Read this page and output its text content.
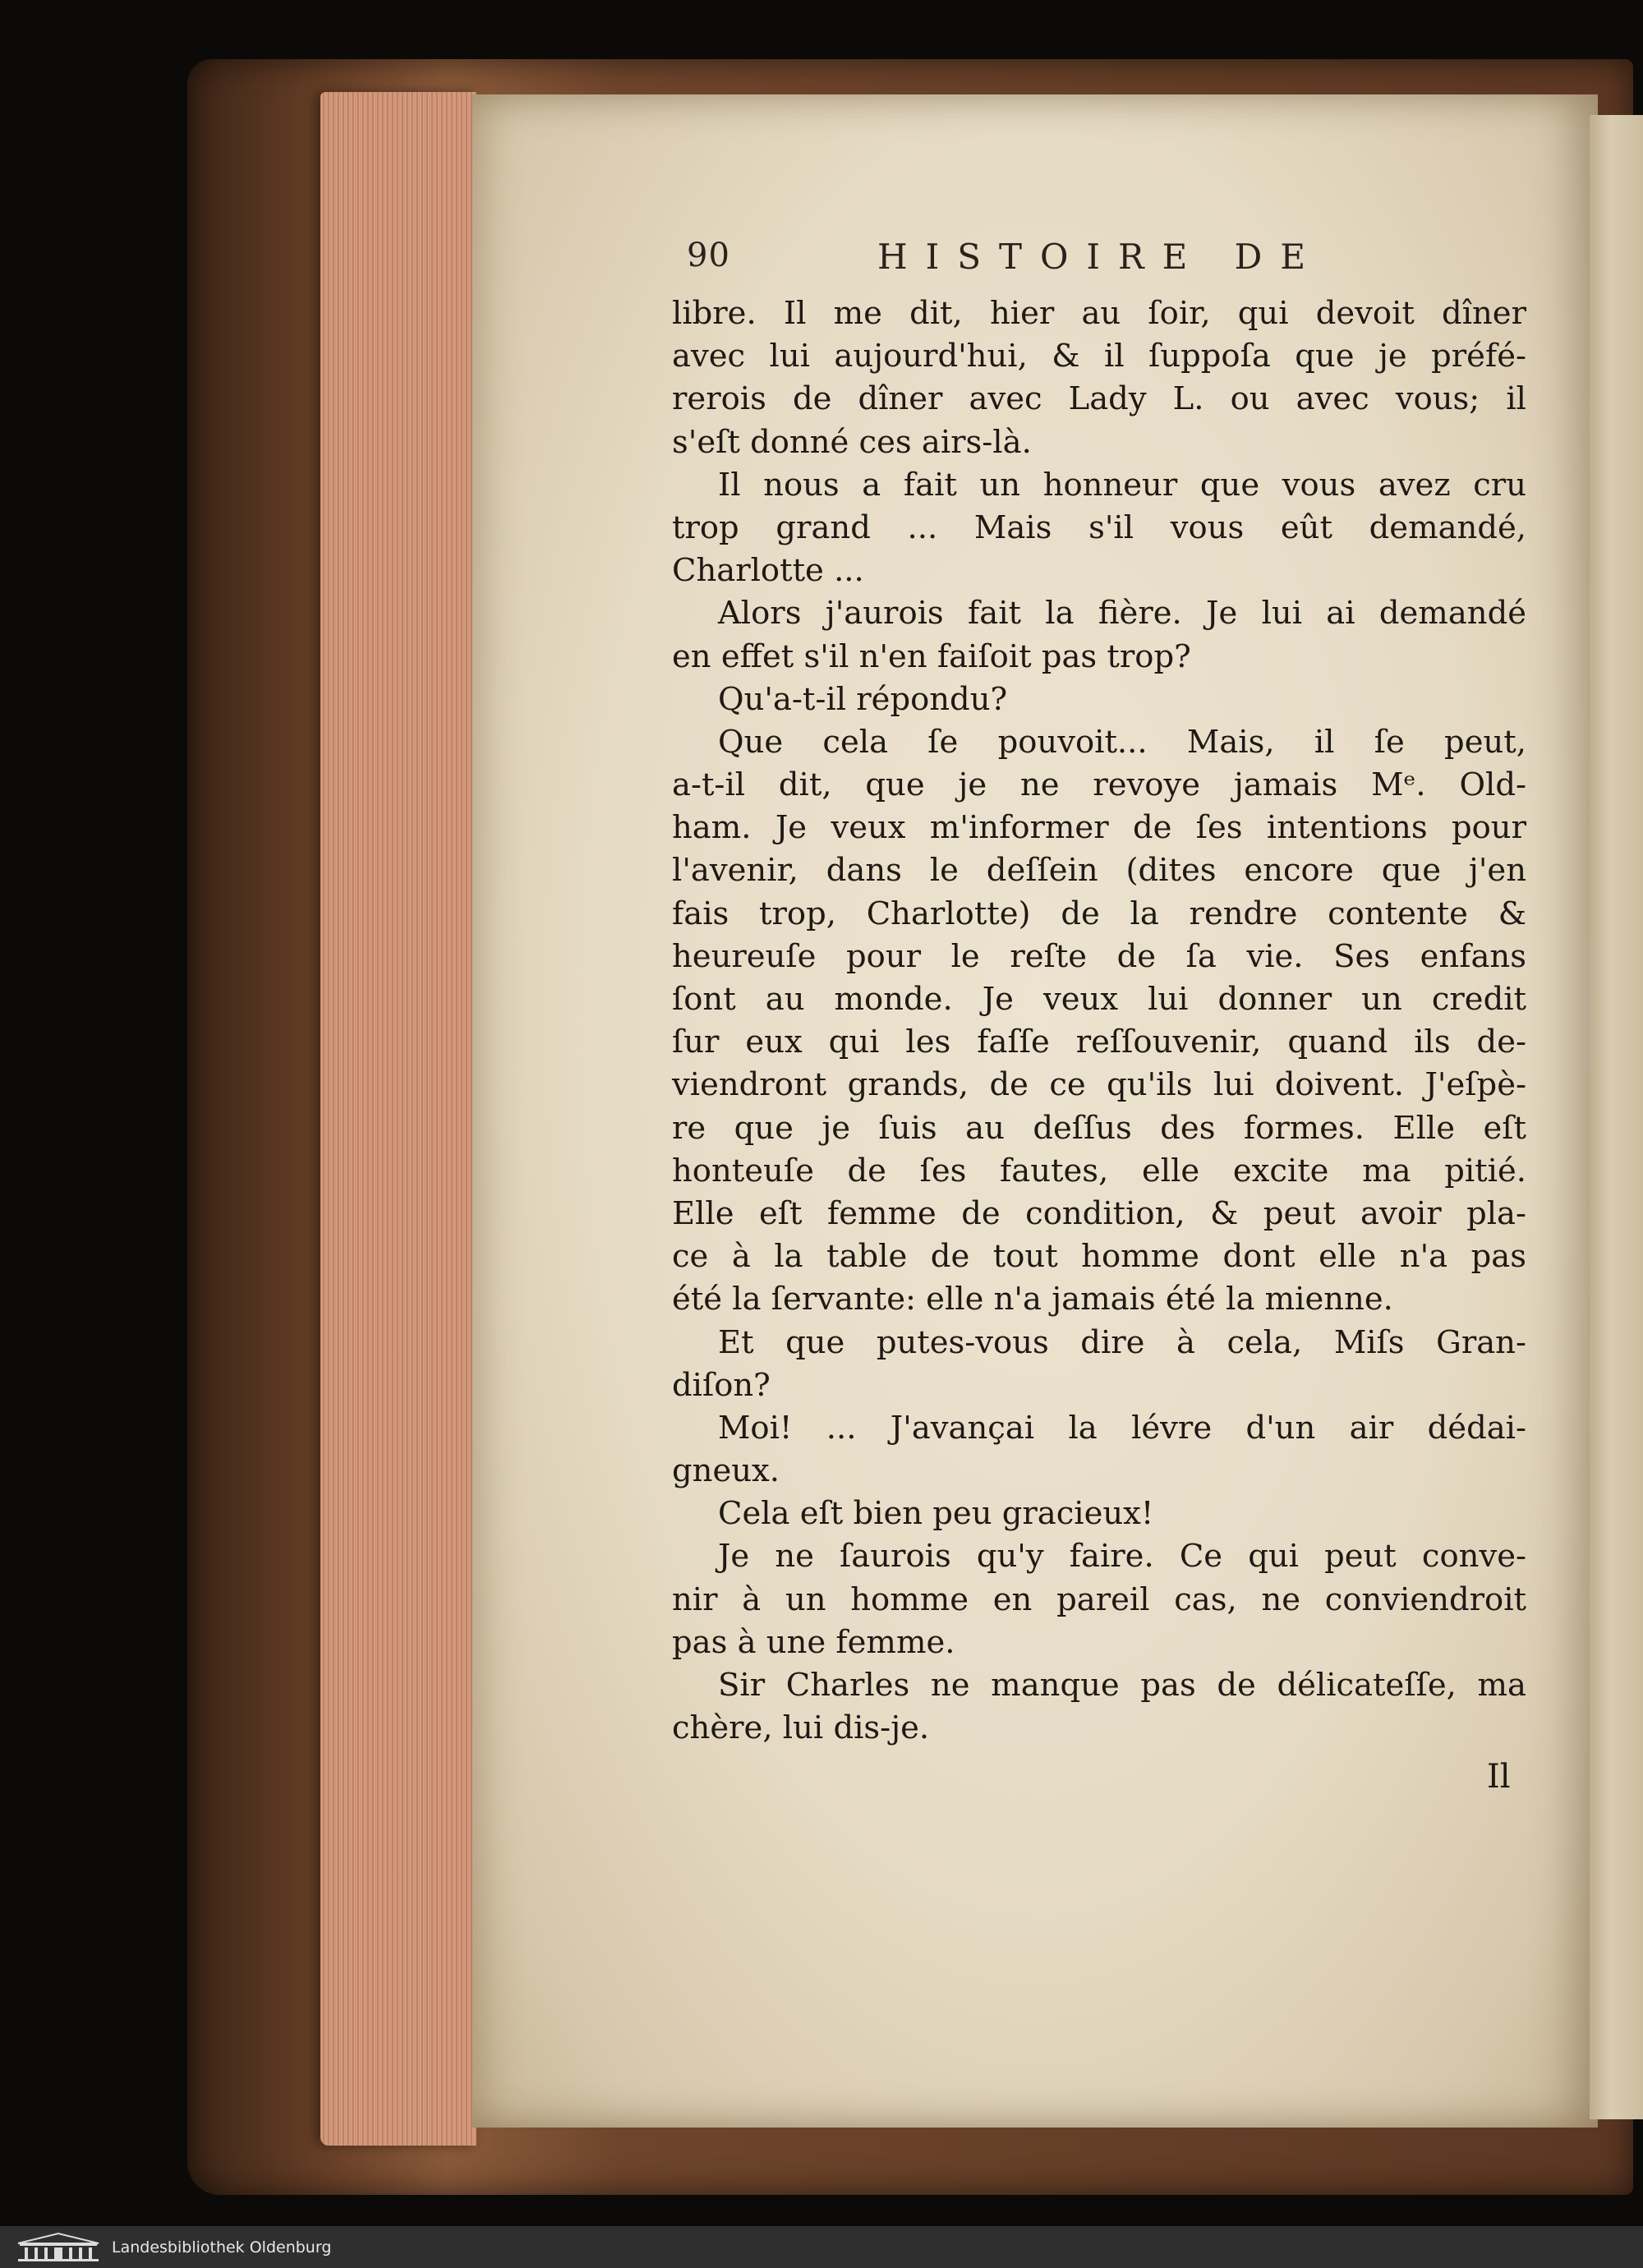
90	HISTOIRE DE
libre. Il me dit, hier au ſoir, qui devoit dîner
avec lui aujourd'hui, & il ſuppoſa que je préfé-
rerois de dîner avec Lady L. ou avec vous; il
s'eſt donné ces airs-là.
Il nous a fait un honneur que vous avez cru
trop grand ... Mais s'il vous eût demandé,
Charlotte ...
Alors j'aurois fait la fière. Je lui ai demandé
en effet s'il n'en faiſoit pas trop?
Qu'a-t-il répondu?
Que cela ſe pouvoit... Mais, il ſe peut,
a-t-il dit, que je ne revoye jamais Mᵉ. Old-
ham. Je veux m'informer de ſes intentions pour
l'avenir, dans le deſſein (dites encore que j'en
fais trop, Charlotte) de la rendre contente &
heureuſe pour le reſte de ſa vie. Ses enfans
ſont au monde. Je veux lui donner un credit
ſur eux qui les faſſe reſſouvenir, quand ils de-
viendront grands, de ce qu'ils lui doivent. J'eſpè-
re que je ſuis au deſſus des formes. Elle eſt
honteuſe de ſes fautes, elle excite ma pitié.
Elle eſt femme de condition, & peut avoir pla-
ce à la table de tout homme dont elle n'a pas
été la ſervante: elle n'a jamais été la mienne.
Et que putes-vous dire à cela, Miſs Gran-
diſon?
Moi! ... J'avançai la lévre d'un air dédai-
gneux.
Cela eſt bien peu gracieux!
Je ne ſaurois qu'y faire. Ce qui peut conve-
nir à un homme en pareil cas, ne conviendroit
pas à une femme.
Sir Charles ne manque pas de délicateſſe, ma
chère, lui dis-je.
Il
Landesbibliothek Oldenburg
